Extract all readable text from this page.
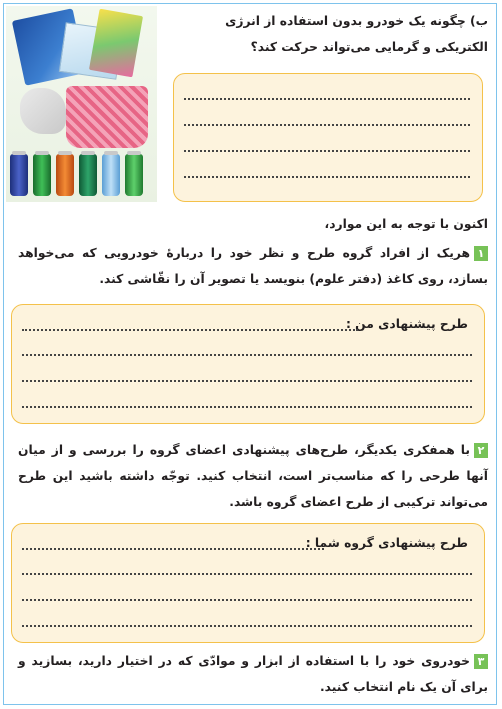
ب) چگونه یک خودرو بدون استفاده از انرژی الکتریکی و گرمایی می‌تواند حرکت کند؟
اکنون با توجه به این موارد،
۱هریک از افراد گروه طرح و نظر خود را دربارهٔ خودرویی که می‌خواهد بسازد، روی کاغذ (دفتر علوم) بنویسد یا تصویر آن را نقّاشی کند.
طرح پیشنهادی من :
۲با همفکری یکدیگر، طرح‌های پیشنهادی اعضای گروه را بررسی و از میان آنها طرحی را که مناسب‌تر است، انتخاب کنید. توجّه داشته باشید این طرح می‌تواند ترکیبی از طرح اعضای گروه باشد.
طرح پیشنهادی گروه شما :
۳خودروی خود را با استفاده از ابزار و موادّی که در اختیار دارید، بسازید و برای آن یک نام انتخاب کنید.
